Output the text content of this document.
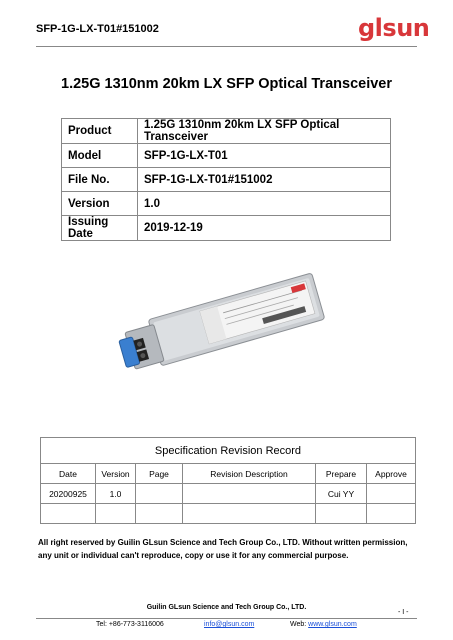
SFP-1G-LX-T01#151002	glsun
1.25G 1310nm 20km LX SFP Optical Transceiver
Product	1.25G 1310nm 20km LX SFP Optical Transceiver
Model	SFP-1G-LX-T01
File No.	SFP-1G-LX-T01#151002
Version	1.0
Issuing Date	2019-12-19
Specification Revision Record					
Date	Version	Page	Revision Description	Prepare	Approve
20200925	1.0			Cui YY	

All right reserved by Guilin GLsun Science and Tech Group Co., LTD. Without written permission, any unit or individual can't reproduce, copy or use it for any commercial purpose.
Guilin GLsun Science and Tech Group Co., LTD.
- I -
Tel: +86-773-3116006	info@glsun.com	Web: www.glsun.com
